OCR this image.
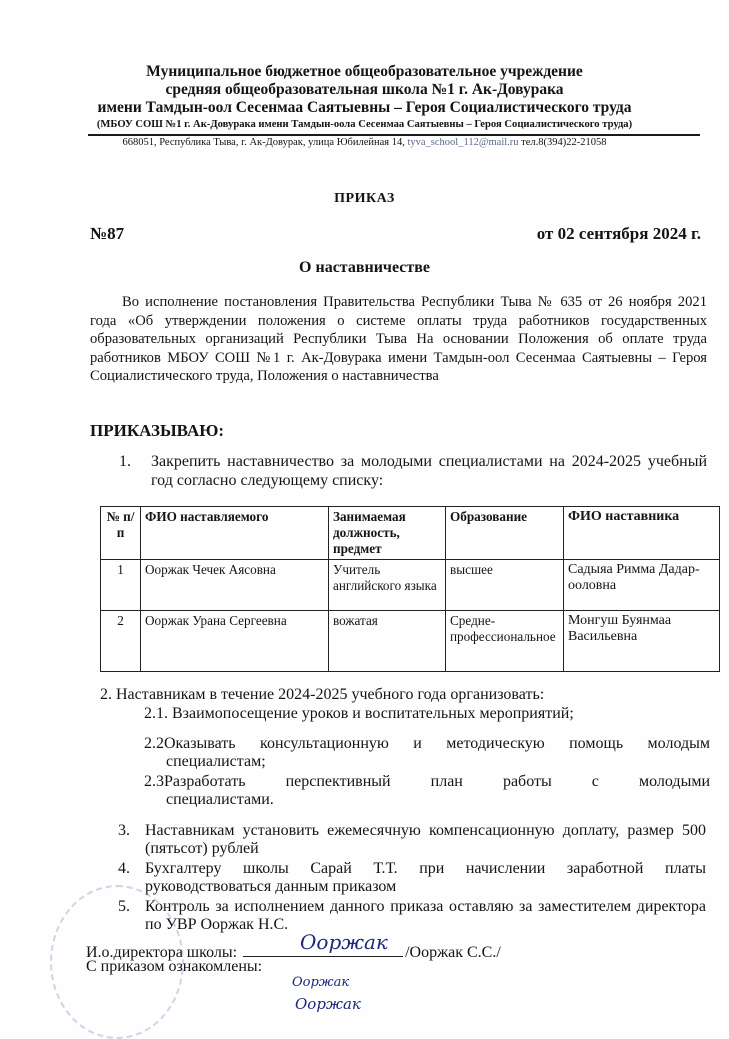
Муниципальное бюджетное общеобразовательное учреждение
средняя общеобразовательная школа №1 г. Ак-Довурака
имени Тамдын-оол Сесенмаа Саятыевны – Героя Социалистического труда
(МБОУ СОШ №1 г. Ак-Довурака имени Тамдын-оола Сесенмаа Саятыевны – Героя Социалистического труда)
668051, Республика Тыва, г. Ак-Довурак, улица Юбилейная 14, tyva_school_112@mail.ru тел.8(394)22-21058
ПРИКАЗ
№87	от 02 сентября 2024 г.
О наставничестве
Во исполнение постановления Правительства Республики Тыва № 635 от 26 ноября 2021 года «Об утверждении положения о системе оплаты труда работников государственных образовательных организаций Республики Тыва На основании Положения об оплате труда работников МБОУ СОШ №1 г. Ак-Довурака имени Тамдын-оол Сесенмаа Саятыевны – Героя Социалистического труда, Положения о наставничества
ПРИКАЗЫВАЮ:
1. Закрепить наставничество за молодыми специалистами на 2024-2025 учебный год согласно следующему списку:
№ п/п	ФИО наставляемого	Занимаемая должность, предмет	Образование	ФИО наставника
1	Ооржак Чечек Аясовна	Учитель английского языка	высшее	Садыяа Римма Дадар-ооловна
2	Ооржак Урана Сергеевна	вожатая	Средне-профессиональное	Монгуш Буянмаа Васильевна
2. Наставникам в течение 2024-2025 учебного года организовать:
2.1. Взаимопосещение уроков и воспитательных мероприятий;
2.2Оказывать консультационную и методическую помощь молодым специалистам;
2.3Разработать перспективный план работы с молодыми специалистами.
3. Наставникам установить ежемесячную компенсационную доплату, размер 500 (пятьсот) рублей
4. Бухгалтеру школы Сарай Т.Т. при начислении заработной платы руководствоваться данным приказом
5. Контроль за исполнением данного приказа оставляю за заместителем директора по УВР Ооржак Н.С.
И.о.директора школы:	/Ооржак С.С./
Ооржак
С приказом ознакомлены:
Ооржак
Ооржак
